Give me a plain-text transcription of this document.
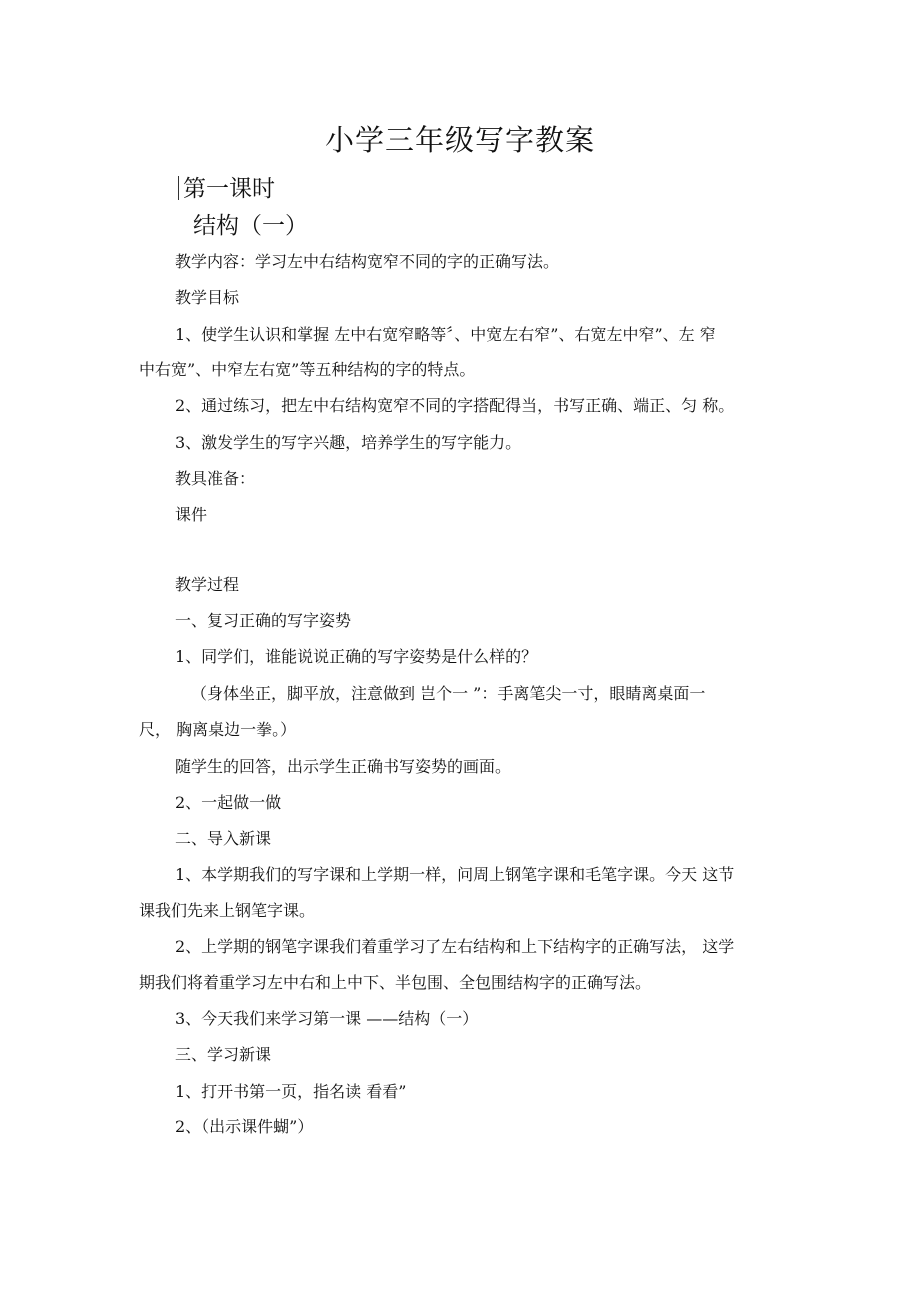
小学三年级写字教案
第一课时
结构（一）
教学内容：学习左中右结构宽窄不同的字的正确写法。
教学目标
1、使学生认识和掌握 左中右宽窄略等〞、中宽左右窄”、右宽左中窄”、左 窄
中右宽”、中窄左右宽”等五种结构的字的特点。
2、通过练习，把左中右结构宽窄不同的字搭配得当，书写正确、端正、匀 称。
3、激发学生的写字兴趣，培养学生的写字能力。
教具准备：
课件
教学过程
一、复习正确的写字姿势
1、同学们，谁能说说正确的写字姿势是什么样的？
（身体坐正，脚平放，注意做到 岂个一 ”：手离笔尖一寸，眼睛离桌面一
尺， 胸离桌边一拳。）
随学生的回答，出示学生正确书写姿势的画面。
2、一起做一做
二、导入新课
1、本学期我们的写字课和上学期一样，问周上钢笔字课和毛笔字课。今天 这节
课我们先来上钢笔字课。
2、上学期的钢笔字课我们着重学习了左右结构和上下结构字的正确写法， 这学
期我们将着重学习左中右和上中下、半包围、全包围结构字的正确写法。
3、今天我们来学习第一课 ——结构（一）
三、学习新课
1、打开书第一页，指名读 看看”
2、（出示课件蝴”）
